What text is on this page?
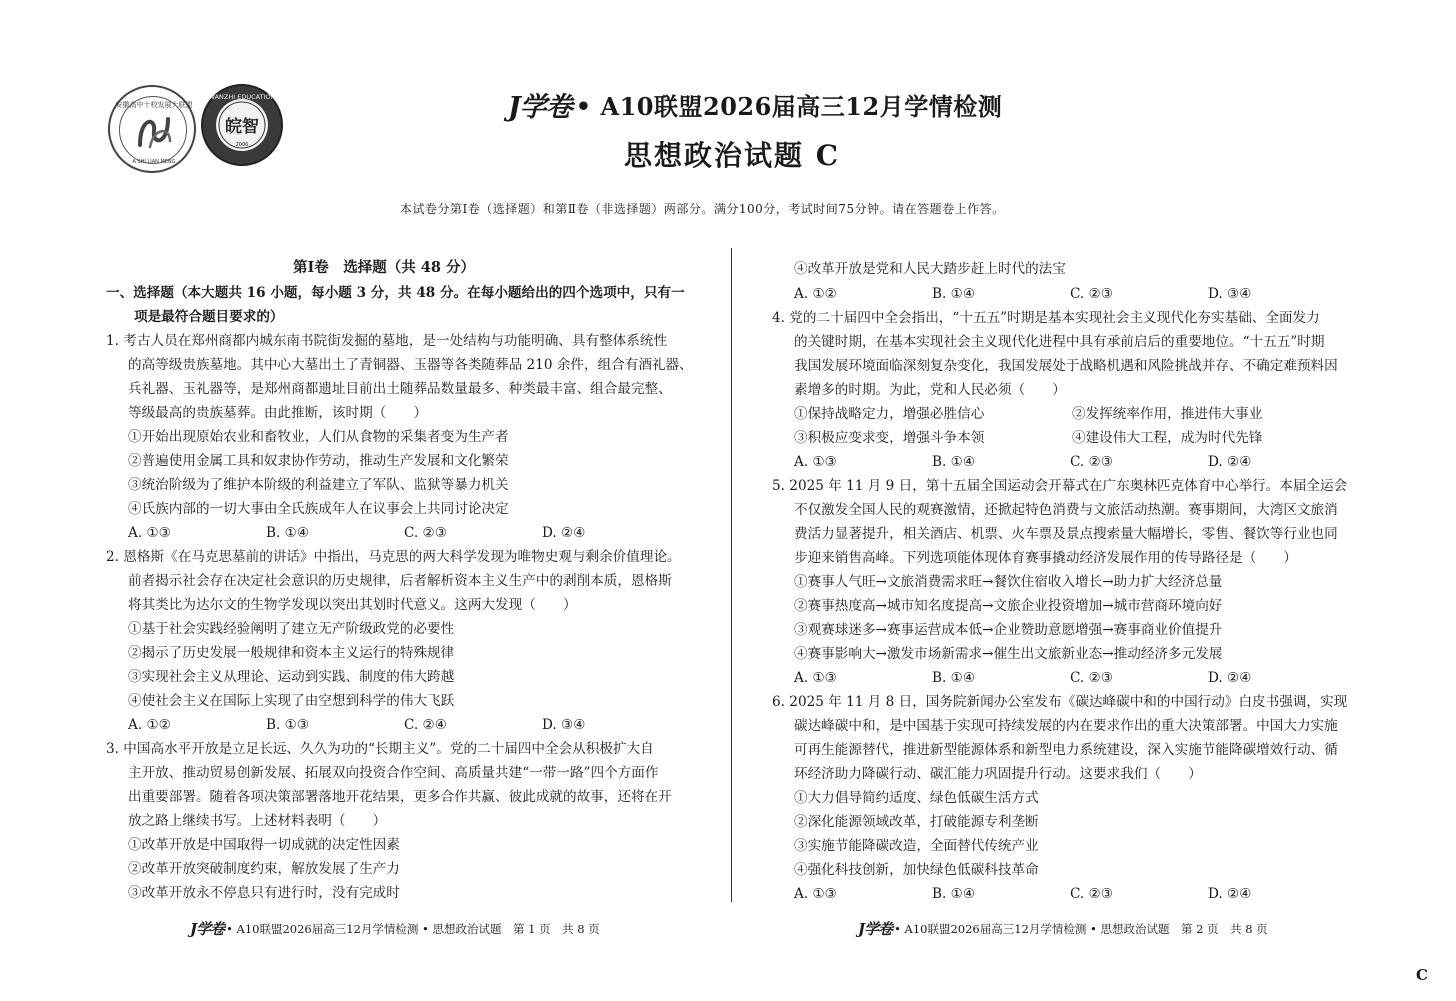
安徽高中十校发展大联盟
A SHI LIAN MENG
WANZHI EDUCATION
皖智
2006
J学卷 • A10联盟2026届高三12月学情检测
思想政治试题 C
本试卷分第Ⅰ卷（选择题）和第Ⅱ卷（非选择题）两部分。满分100分，考试时间75分钟。请在答题卷上作答。
第Ⅰ卷　选择题（共 48 分）
一、选择题（本大题共 16 小题，每小题 3 分，共 48 分。在每小题给出的四个选项中，只有一
项是最符合题目要求的）
1. 考古人员在郑州商都内城东南书院街发掘的墓地，是一处结构与功能明确、具有整体系统性
的高等级贵族墓地。其中心大墓出土了青铜器、玉器等各类随葬品 210 余件，组合有酒礼器、
兵礼器、玉礼器等，是郑州商都遗址目前出土随葬品数量最多、种类最丰富、组合最完整、
等级最高的贵族墓葬。由此推断，该时期（　　）
①开始出现原始农业和畜牧业，人们从食物的采集者变为生产者
②普遍使用金属工具和奴隶协作劳动，推动生产发展和文化繁荣
③统治阶级为了维护本阶级的利益建立了军队、监狱等暴力机关
④氏族内部的一切大事由全氏族成年人在议事会上共同讨论决定
A. ①③	B. ①④	C. ②③	D. ②④
2. 恩格斯《在马克思墓前的讲话》中指出，马克思的两大科学发现为唯物史观与剩余价值理论。
前者揭示社会存在决定社会意识的历史规律，后者解析资本主义生产中的剥削本质，恩格斯
将其类比为达尔文的生物学发现以突出其划时代意义。这两大发现（　　）
①基于社会实践经验阐明了建立无产阶级政党的必要性
②揭示了历史发展一般规律和资本主义运行的特殊规律
③实现社会主义从理论、运动到实践、制度的伟大跨越
④使社会主义在国际上实现了由空想到科学的伟大飞跃
A. ①②	B. ①③	C. ②④	D. ③④
3. 中国高水平开放是立足长远、久久为功的“长期主义”。党的二十届四中全会从积极扩大自
主开放、推动贸易创新发展、拓展双向投资合作空间、高质量共建“一带一路”四个方面作
出重要部署。随着各项决策部署落地开花结果，更多合作共赢、彼此成就的故事，还将在开
放之路上继续书写。上述材料表明（　　）
①改革开放是中国取得一切成就的决定性因素
②改革开放突破制度约束，解放发展了生产力
③改革开放永不停息只有进行时，没有完成时
④改革开放是党和人民大踏步赶上时代的法宝
A. ①②	B. ①④	C. ②③	D. ③④
4. 党的二十届四中全会指出，“十五五”时期是基本实现社会主义现代化夯实基础、全面发力
的关键时期，在基本实现社会主义现代化进程中具有承前启后的重要地位。“十五五”时期
我国发展环境面临深刻复杂变化，我国发展处于战略机遇和风险挑战并存、不确定难预料因
素增多的时期。为此，党和人民必须（　　）
①保持战略定力，增强必胜信心	②发挥统率作用，推进伟大事业
③积极应变求变，增强斗争本领	④建设伟大工程，成为时代先锋
A. ①③	B. ①④	C. ②③	D. ②④
5. 2025 年 11 月 9 日，第十五届全国运动会开幕式在广东奥林匹克体育中心举行。本届全运会
不仅激发全国人民的观赛激情，还掀起特色消费与文旅活动热潮。赛事期间，大湾区文旅消
费活力显著提升，相关酒店、机票、火车票及景点搜索量大幅增长，零售、餐饮等行业也同
步迎来销售高峰。下列选项能体现体育赛事撬动经济发展作用的传导路径是（　　）
①赛事人气旺→文旅消费需求旺→餐饮住宿收入增长→助力扩大经济总量
②赛事热度高→城市知名度提高→文旅企业投资增加→城市营商环境向好
③观赛球迷多→赛事运营成本低→企业赞助意愿增强→赛事商业价值提升
④赛事影响大→激发市场新需求→催生出文旅新业态→推动经济多元发展
A. ①③	B. ①④	C. ②③	D. ②④
6. 2025 年 11 月 8 日，国务院新闻办公室发布《碳达峰碳中和的中国行动》白皮书强调，实现
碳达峰碳中和，是中国基于实现可持续发展的内在要求作出的重大决策部署。中国大力实施
可再生能源替代，推进新型能源体系和新型电力系统建设，深入实施节能降碳增效行动、循
环经济助力降碳行动、碳汇能力巩固提升行动。这要求我们（　　）
①大力倡导简约适度、绿色低碳生活方式
②深化能源领域改革，打破能源专利垄断
③实施节能降碳改造，全面替代传统产业
④强化科技创新，加快绿色低碳科技革命
A. ①③	B. ①④	C. ②③	D. ②④
J学卷 • A10联盟2026届高三12月学情检测 • 思想政治试题　第 1 页　共 8 页	J学卷 • A10联盟2026届高三12月学情检测 • 思想政治试题　第 2 页　共 8 页
C
